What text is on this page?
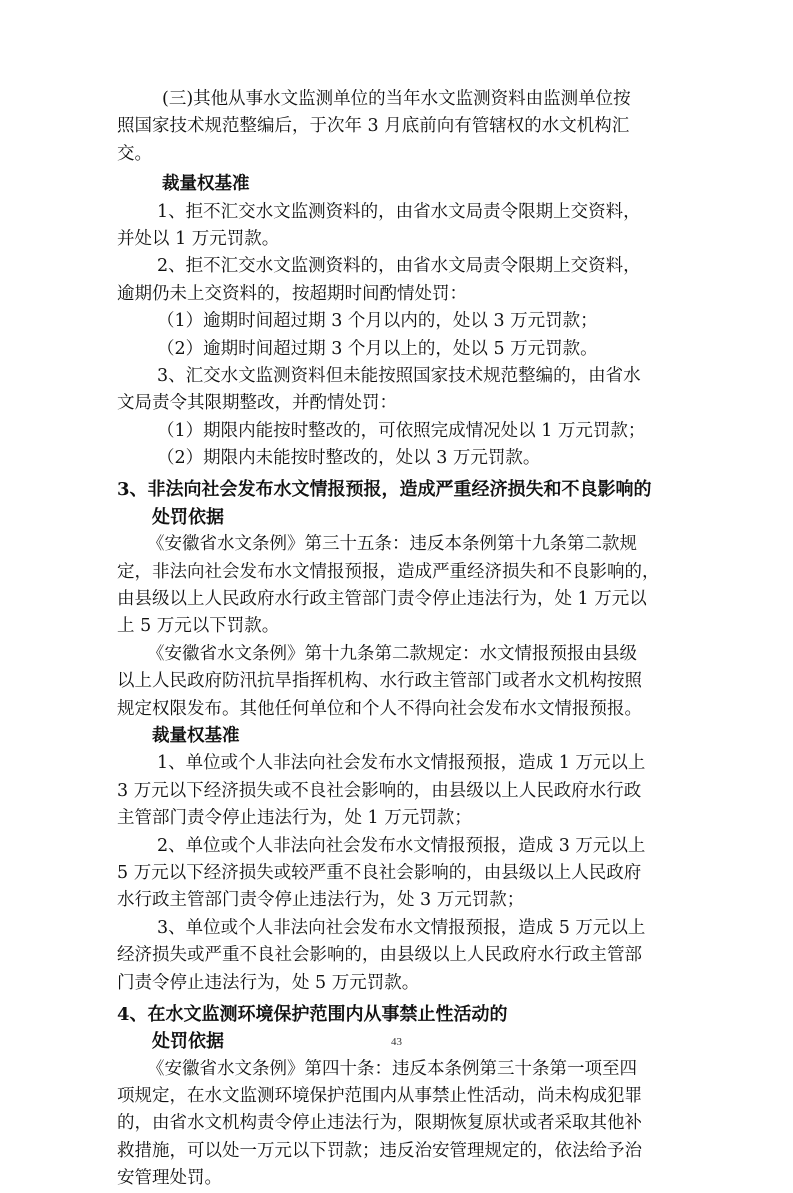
(三)其他从事水文监测单位的当年水文监测资料由监测单位按
照国家技术规范整编后，于次年 3 月底前向有管辖权的水文机构汇
交。
裁量权基准
1、拒不汇交水文监测资料的，由省水文局责令限期上交资料，
并处以 1 万元罚款。
2、拒不汇交水文监测资料的，由省水文局责令限期上交资料，
逾期仍未上交资料的，按超期时间酌情处罚：
（1）逾期时间超过期 3 个月以内的，处以 3 万元罚款；
（2）逾期时间超过期 3 个月以上的，处以 5 万元罚款。
3、汇交水文监测资料但未能按照国家技术规范整编的，由省水
文局责令其限期整改，并酌情处罚：
（1）期限内能按时整改的，可依照完成情况处以 1 万元罚款；
（2）期限内未能按时整改的，处以 3 万元罚款。
3、非法向社会发布水文情报预报，造成严重经济损失和不良影响的
处罚依据
《安徽省水文条例》第三十五条：违反本条例第十九条第二款规
定，非法向社会发布水文情报预报，造成严重经济损失和不良影响的，
由县级以上人民政府水行政主管部门责令停止违法行为，处 1 万元以
上 5 万元以下罚款。
《安徽省水文条例》第十九条第二款规定：水文情报预报由县级
以上人民政府防汛抗旱指挥机构、水行政主管部门或者水文机构按照
规定权限发布。其他任何单位和个人不得向社会发布水文情报预报。
裁量权基准
1、单位或个人非法向社会发布水文情报预报，造成 1 万元以上
3 万元以下经济损失或不良社会影响的，由县级以上人民政府水行政
主管部门责令停止违法行为，处 1 万元罚款；
2、单位或个人非法向社会发布水文情报预报，造成 3 万元以上
5 万元以下经济损失或较严重不良社会影响的，由县级以上人民政府
水行政主管部门责令停止违法行为，处 3 万元罚款；
3、单位或个人非法向社会发布水文情报预报，造成 5 万元以上
经济损失或严重不良社会影响的，由县级以上人民政府水行政主管部
门责令停止违法行为，处 5 万元罚款。
4、在水文监测环境保护范围内从事禁止性活动的
处罚依据
《安徽省水文条例》第四十条：违反本条例第三十条第一项至四
项规定，在水文监测环境保护范围内从事禁止性活动，尚未构成犯罪
的，由省水文机构责令停止违法行为，限期恢复原状或者采取其他补
救措施，可以处一万元以下罚款；违反治安管理规定的，依法给予治
安管理处罚。
43
